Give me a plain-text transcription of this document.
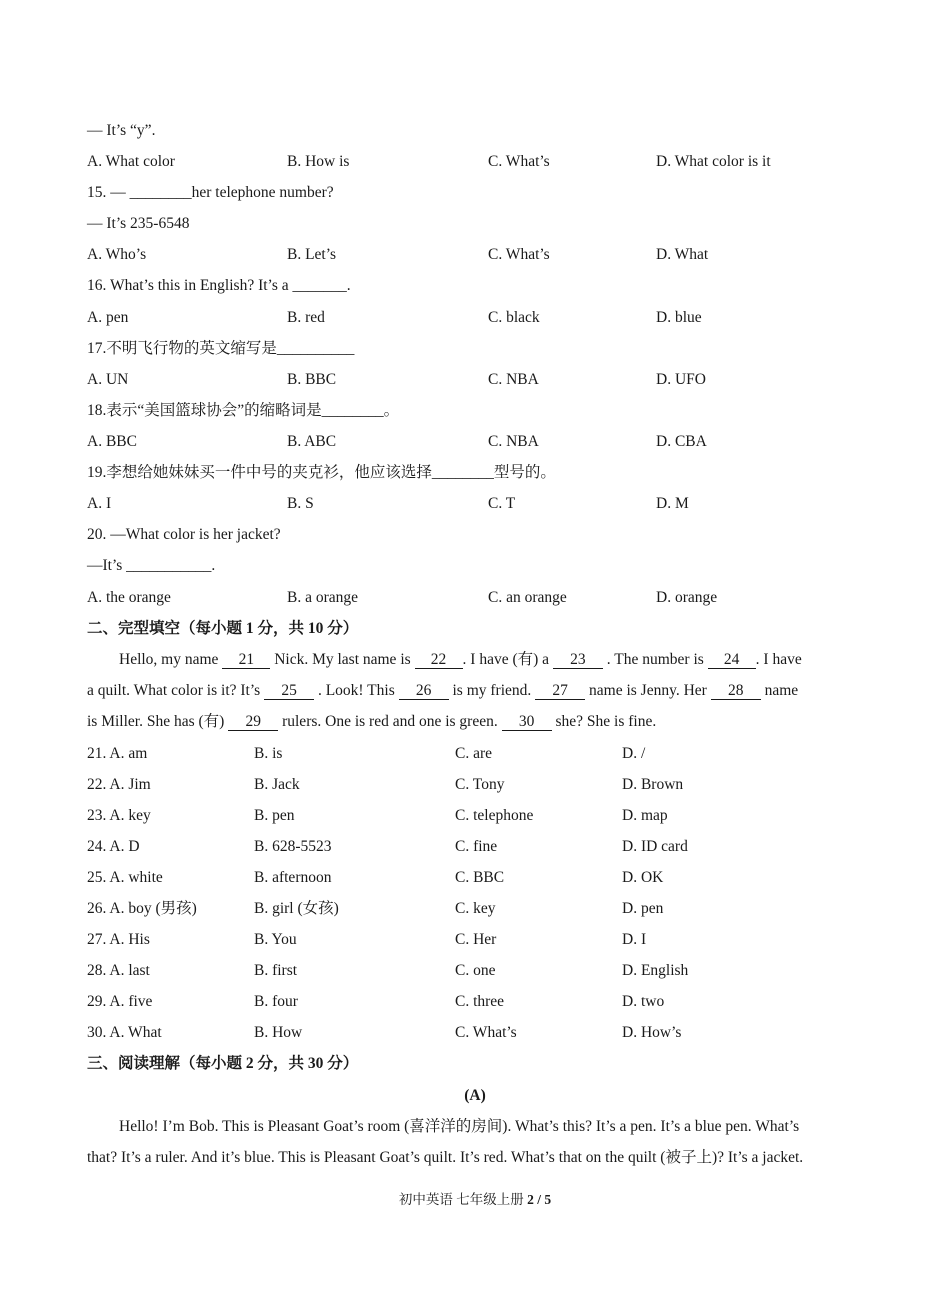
— It’s “y”.
A. What color	B. How is	C. What’s	D. What color is it
15. — ________her telephone number?
— It’s 235-6548
A. Who’s	B. Let’s	C. What’s	D. What
16. What’s this in English? It’s a _______.
A. pen	B. red	C. black	D. blue
17.不明飞行物的英文缩写是__________
A. UN	B. BBC	C. NBA	D. UFO
18.表示“美国篮球协会”的缩略词是________。
A. BBC	B. ABC	C. NBA	D. CBA
19.李想给她妹妹买一件中号的夹克衫，他应该选择________型号的。
A. I	B. S	C. T	D. M
20. —What color is her jacket?
—It’s ___________.
A. the orange	B. a orange	C. an orange	D. orange
二、完型填空（每小题 1 分，共 10 分）
Hello, my name 21 Nick. My last name is 22 . I have (有) a 23 . The number is 24 . I have
a quilt. What color is it? It’s 25 . Look! This 26 is my friend. 27 name is Jenny. Her 28 name
is Miller. She has (有) 29 rulers. One is red and one is green. 30 she? She is fine.
21. A. am	B. is	C. are	D. /
22. A. Jim	B. Jack	C. Tony	D. Brown
23. A. key	B. pen	C. telephone	D. map
24. A. D	B. 628-5523	C. fine	D. ID card
25. A. white	B. afternoon	C. BBC	D. OK
26. A. boy (男孩)	B. girl (女孩)	C. key	D. pen
27. A. His	B. You	C. Her	D. I
28. A. last	B. first	C. one	D. English
29. A. five	B. four	C. three	D. two
30. A. What	B. How	C. What’s	D. How’s
三、阅读理解（每小题 2 分，共 30 分）
(A)
Hello! I’m Bob. This is Pleasant Goat’s room (喜洋洋的房间). What’s this? It’s a pen. It’s a blue pen. What’s
that? It’s a ruler. And it’s blue. This is Pleasant Goat’s quilt. It’s red. What’s that on the quilt (被子上)? It’s a jacket.
初中英语 七年级上册 2 / 5
